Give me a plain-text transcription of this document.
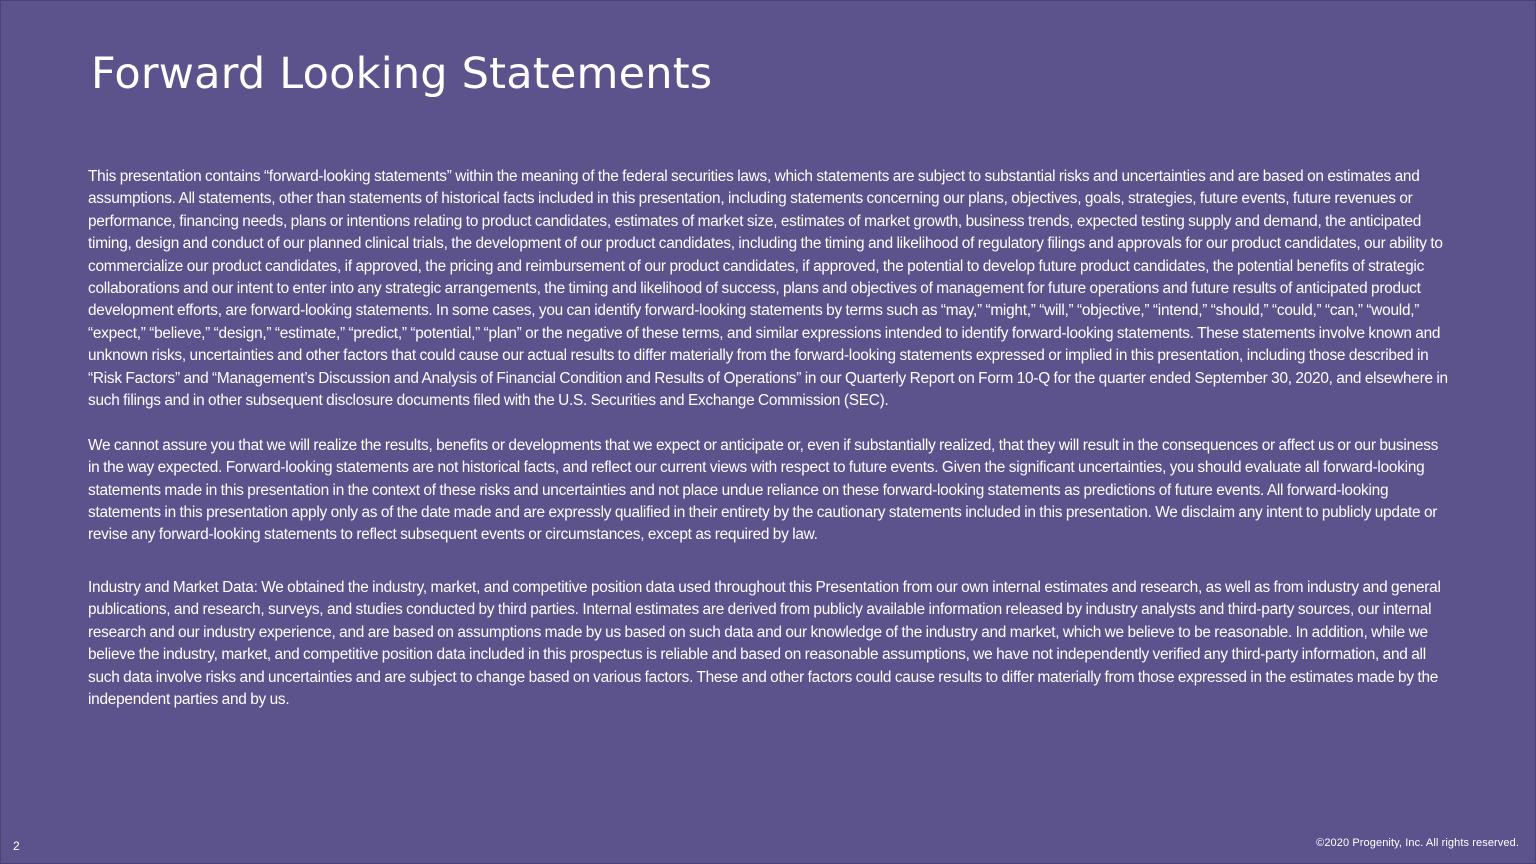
Forward Looking Statements

This presentation contains “forward-looking statements” within the meaning of the federal securities laws, which statements are subject to substantial risks and uncertainties and are based on estimates and assumptions. All statements, other than statements of historical facts included in this presentation, including statements concerning our plans, objectives, goals, strategies, future events, future revenues or performance, financing needs, plans or intentions relating to product candidates, estimates of market size, estimates of market growth, business trends, expected testing supply and demand, the anticipated timing, design and conduct of our planned clinical trials, the development of our product candidates, including the timing and likelihood of regulatory filings and approvals for our product candidates, our ability to commercialize our product candidates, if approved, the pricing and reimbursement of our product candidates, if approved, the potential to develop future product candidates, the potential benefits of strategic collaborations and our intent to enter into any strategic arrangements, the timing and likelihood of success, plans and objectives of management for future operations and future results of anticipated product development efforts, are forward-looking statements. In some cases, you can identify forward-looking statements by terms such as “may,” “might,” “will,” “objective,” “intend,” “should,” “could,” “can,” “would,” “expect,” “believe,” “design,” “estimate,” “predict,” “potential,” “plan” or the negative of these terms, and similar expressions intended to identify forward-looking statements. These statements involve known and unknown risks, uncertainties and other factors that could cause our actual results to differ materially from the forward-looking statements expressed or implied in this presentation, including those described in “Risk Factors” and “Management’s Discussion and Analysis of Financial Condition and Results of Operations” in our Quarterly Report on Form 10-Q for the quarter ended September 30, 2020, and elsewhere in such filings and in other subsequent disclosure documents filed with the U.S. Securities and Exchange Commission (SEC).

We cannot assure you that we will realize the results, benefits or developments that we expect or anticipate or, even if substantially realized, that they will result in the consequences or affect us or our business in the way expected. Forward-looking statements are not historical facts, and reflect our current views with respect to future events. Given the significant uncertainties, you should evaluate all forward-looking statements made in this presentation in the context of these risks and uncertainties and not place undue reliance on these forward-looking statements as predictions of future events. All forward-looking statements in this presentation apply only as of the date made and are expressly qualified in their entirety by the cautionary statements included in this presentation. We disclaim any intent to publicly update or revise any forward-looking statements to reflect subsequent events or circumstances, except as required by law.

Industry and Market Data: We obtained the industry, market, and competitive position data used throughout this Presentation from our own internal estimates and research, as well as from industry and general publications, and research, surveys, and studies conducted by third parties. Internal estimates are derived from publicly available information released by industry analysts and third-party sources, our internal research and our industry experience, and are based on assumptions made by us based on such data and our knowledge of the industry and market, which we believe to be reasonable. In addition, while we believe the industry, market, and competitive position data included in this prospectus is reliable and based on reasonable assumptions, we have not independently verified any third-party information, and all such data involve risks and uncertainties and are subject to change based on various factors. These and other factors could cause results to differ materially from those expressed in the estimates made by the independent parties and by us.

2	©2020 Progenity, Inc. All rights reserved.
